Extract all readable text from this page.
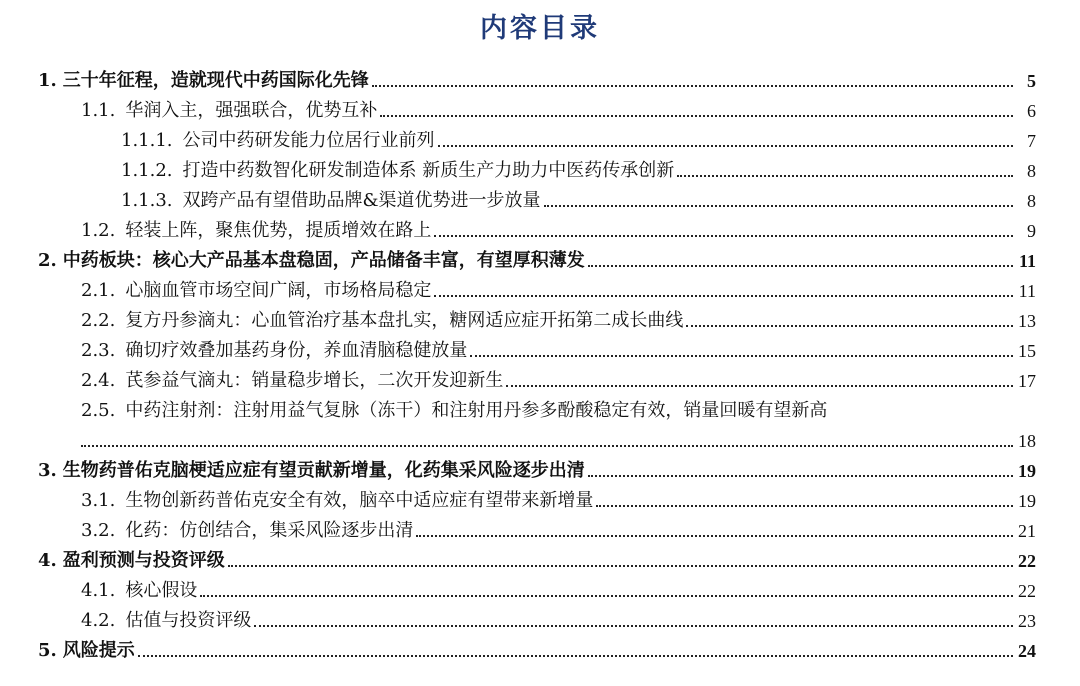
内容目录
1. 三十年征程，造就现代中药国际化先锋	5
1.1. 华润入主，强强联合，优势互补	6
1.1.1. 公司中药研发能力位居行业前列	7
1.1.2. 打造中药数智化研发制造体系 新质生产力助力中医药传承创新	8
1.1.3. 双跨产品有望借助品牌&渠道优势进一步放量	8
1.2. 轻装上阵，聚焦优势，提质增效在路上	9
2. 中药板块：核心大产品基本盘稳固，产品储备丰富，有望厚积薄发	11
2.1. 心脑血管市场空间广阔，市场格局稳定	11
2.2. 复方丹参滴丸：心血管治疗基本盘扎实，糖网适应症开拓第二成长曲线	13
2.3. 确切疗效叠加基药身份，养血清脑稳健放量	15
2.4. 芪参益气滴丸：销量稳步增长，二次开发迎新生	17
2.5. 中药注射剂：注射用益气复脉（冻干）和注射用丹参多酚酸稳定有效，销量回暖有望新高
18
3. 生物药普佑克脑梗适应症有望贡献新增量，化药集采风险逐步出清	19
3.1. 生物创新药普佑克安全有效，脑卒中适应症有望带来新增量	19
3.2. 化药：仿创结合，集采风险逐步出清	21
4. 盈利预测与投资评级	22
4.1. 核心假设	22
4.2. 估值与投资评级	23
5. 风险提示	24
